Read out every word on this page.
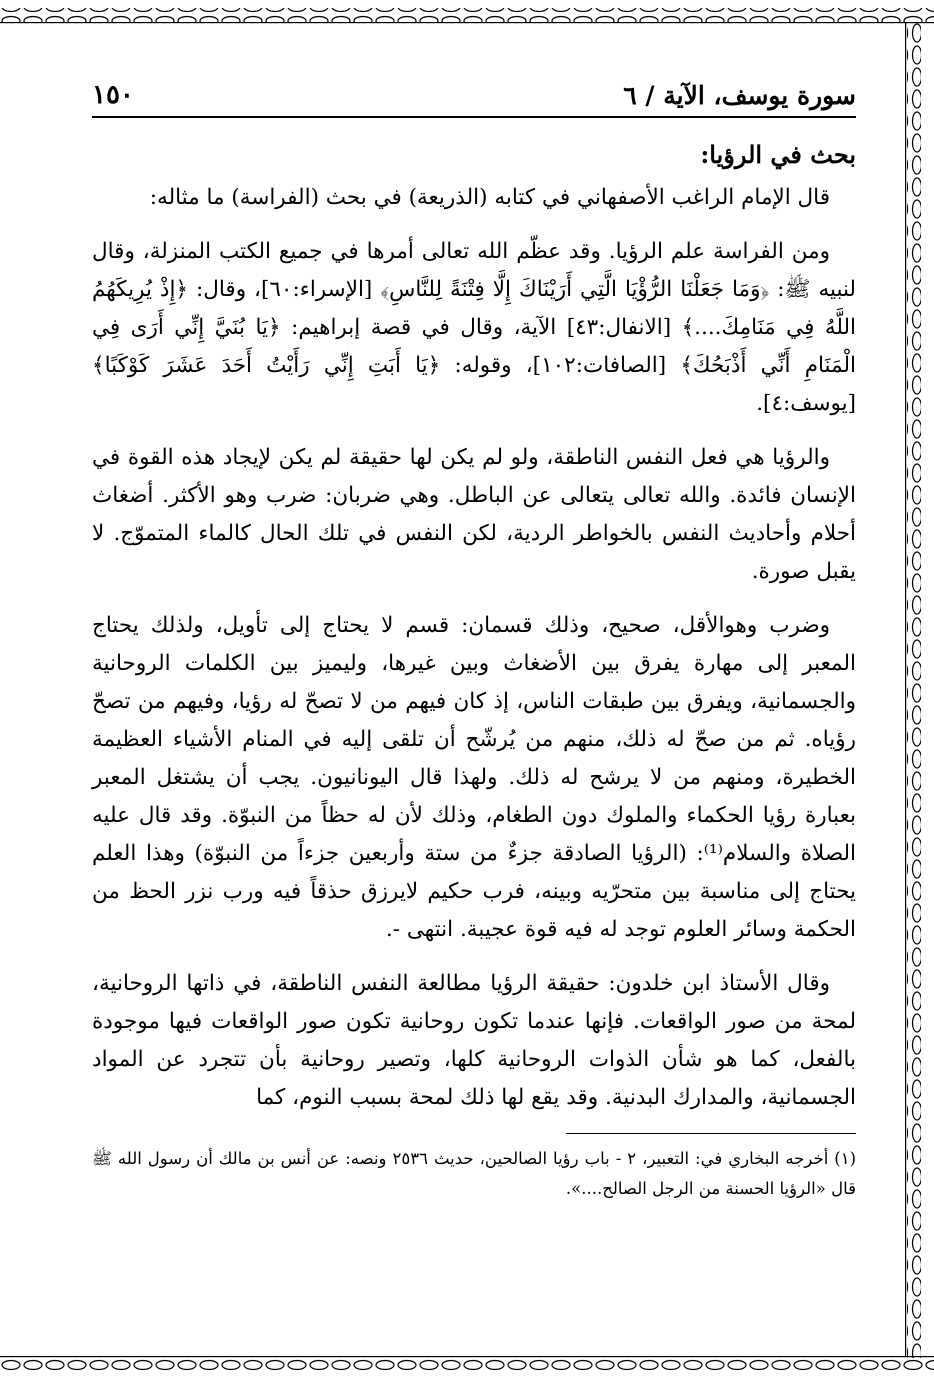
سورة يوسف، الآية / ٦
١٥٠
بحث في الرؤيا:

قال الإمام الراغب الأصفهاني في كتابه (الذريعة) في بحث (الفراسة) ما مثاله:

ومن الفراسة علم الرؤيا. وقد عظّم الله تعالى أمرها في جميع الكتب المنزلة، وقال لنبيه ﷺ: ﴿وَمَا جَعَلْنَا الرُّؤْيَا الَّتِي أَرَيْنَاكَ إِلَّا فِتْنَةً لِلنَّاسِ﴾ [الإسراء:٦٠]، وقال: ﴿إِذْ يُرِيكَهُمُ اللَّهُ فِي مَنَامِكَ....﴾ [الانفال:٤٣] الآية، وقال في قصة إبراهيم: ﴿يَا بُنَيَّ إِنِّي أَرَى فِي الْمَنَامِ أَنِّي أَذْبَحُكَ﴾ [الصافات:١٠٢]، وقوله: ﴿يَا أَبَتِ إِنِّي رَأَيْتُ أَحَدَ عَشَرَ كَوْكَبًا﴾ [يوسف:٤].

والرؤيا هي فعل النفس الناطقة، ولو لم يكن لها حقيقة لم يكن لإيجاد هذه القوة في الإنسان فائدة. والله تعالى يتعالى عن الباطل. وهي ضربان: ضرب وهو الأكثر. أضغاث أحلام وأحاديث النفس بالخواطر الردية، لكن النفس في تلك الحال كالماء المتموّج. لا يقبل صورة.

وضرب وهوالأقل، صحيح، وذلك قسمان: قسم لا يحتاج إلى تأويل، ولذلك يحتاج المعبر إلى مهارة يفرق بين الأضغاث وبين غيرها، وليميز بين الكلمات الروحانية والجسمانية، ويفرق بين طبقات الناس، إذ كان فيهم من لا تصحّ له رؤيا، وفيهم من تصحّ رؤياه. ثم من صحّ له ذلك، منهم من يُرشّح أن تلقى إليه في المنام الأشياء العظيمة الخطيرة، ومنهم من لا يرشح له ذلك. ولهذا قال اليونانيون. يجب أن يشتغل المعبر بعبارة رؤيا الحكماء والملوك دون الطغام، وذلك لأن له حظاً من النبوّة. وقد قال عليه الصلاة والسلام⁽¹⁾: (الرؤيا الصادقة جزءٌ من ستة وأربعين جزءاً من النبوّة) وهذا العلم يحتاج إلى مناسبة بين متحرّيه وبينه، فرب حكيم لايرزق حذقاً فيه ورب نزر الحظ من الحكمة وسائر العلوم توجد له فيه قوة عجيبة. انتهى -.

وقال الأستاذ ابن خلدون: حقيقة الرؤيا مطالعة النفس الناطقة، في ذاتها الروحانية، لمحة من صور الواقعات. فإنها عندما تكون روحانية تكون صور الواقعات فيها موجودة بالفعل، كما هو شأن الذوات الروحانية كلها، وتصير روحانية بأن تتجرد عن المواد الجسمانية، والمدارك البدنية. وقد يقع لها ذلك لمحة بسبب النوم، كما

(١) أخرجه البخاري في: التعبير، ٢ - باب رؤيا الصالحين، حديث ٢٥٣٦ ونصه: عن أنس بن مالك أن رسول الله ﷺ قال «الرؤيا الحسنة من الرجل الصالح....».
